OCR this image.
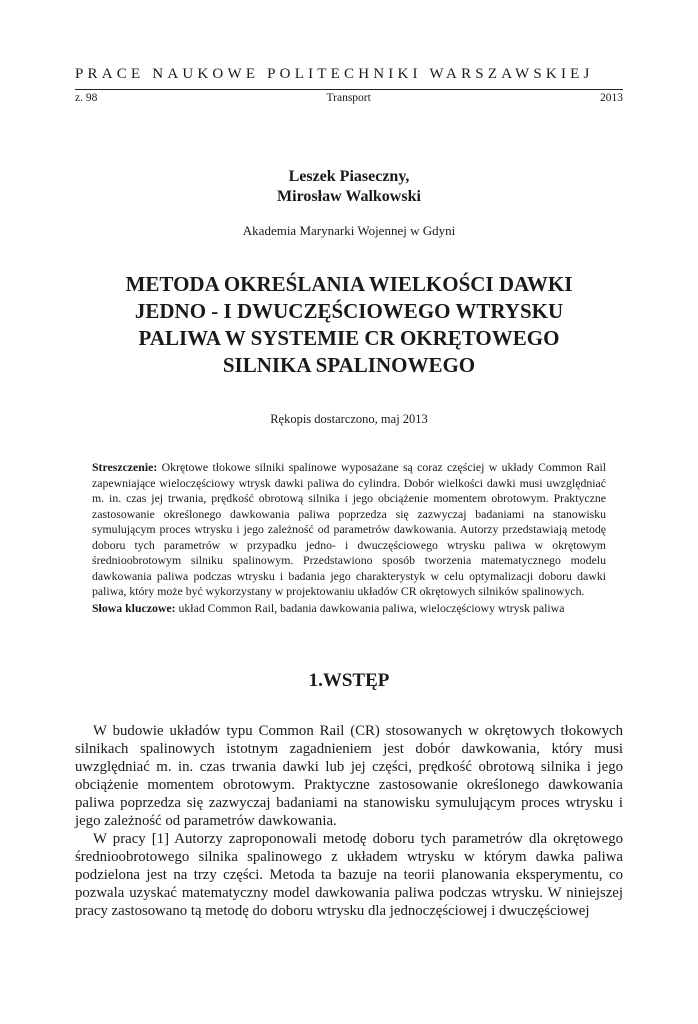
PRACE NAUKOWE POLITECHNIKI WARSZAWSKIEJ
z. 98	Transport	2013
Leszek Piaseczny,
Mirosław Walkowski
Akademia Marynarki Wojennej w Gdyni
METODA OKREŚLANIA WIELKOŚCI DAWKI
JEDNO - I DWUCZĘŚCIOWEGO WTRYSKU
PALIWA W SYSTEMIE CR OKRĘTOWEGO
SILNIKA SPALINOWEGO
Rękopis dostarczono, maj 2013

Streszczenie: Okrętowe tłokowe silniki spalinowe wyposażane są coraz częściej w układy Common Rail zapewniające wieloczęściowy wtrysk dawki paliwa do cylindra. Dobór wielkości dawki musi uwzględniać m. in. czas jej trwania, prędkość obrotową silnika i jego obciążenie momentem obrotowym. Praktyczne zastosowanie określonego dawkowania paliwa poprzedza się zazwyczaj badaniami na stanowisku symulującym proces wtrysku i jego zależność od parametrów dawkowania. Autorzy przedstawiają metodę doboru tych parametrów w przypadku jedno- i dwuczęściowego wtrysku paliwa w okrętowym średnioobrotowym silniku spalinowym. Przedstawiono sposób tworzenia matematycznego modelu dawkowania paliwa podczas wtrysku i badania jego charakterystyk w celu optymalizacji doboru dawki paliwa, który może być wykorzystany w projektowaniu układów CR okrętowych silników spalinowych.

Słowa kluczowe: układ Common Rail, badania dawkowania paliwa, wieloczęściowy wtrysk paliwa
1.WSTĘP

W budowie układów typu Common Rail (CR) stosowanych w okrętowych tłokowych silnikach spalinowych istotnym zagadnieniem jest dobór dawkowania, który musi uwzględniać m. in. czas trwania dawki lub jej części, prędkość obrotową silnika i jego obciążenie momentem obrotowym. Praktyczne zastosowanie określonego dawkowania paliwa poprzedza się zazwyczaj badaniami na stanowisku symulującym proces wtrysku i jego zależność od parametrów dawkowania.

W pracy [1] Autorzy zaproponowali metodę doboru tych parametrów dla okrętowego średnioobrotowego silnika spalinowego z układem wtrysku w którym dawka paliwa podzielona jest na trzy części. Metoda ta bazuje na teorii planowania eksperymentu, co pozwala uzyskać matematyczny model dawkowania paliwa podczas wtrysku. W niniejszej pracy zastosowano tą metodę do doboru wtrysku dla jednoczęściowej i dwuczęściowej
